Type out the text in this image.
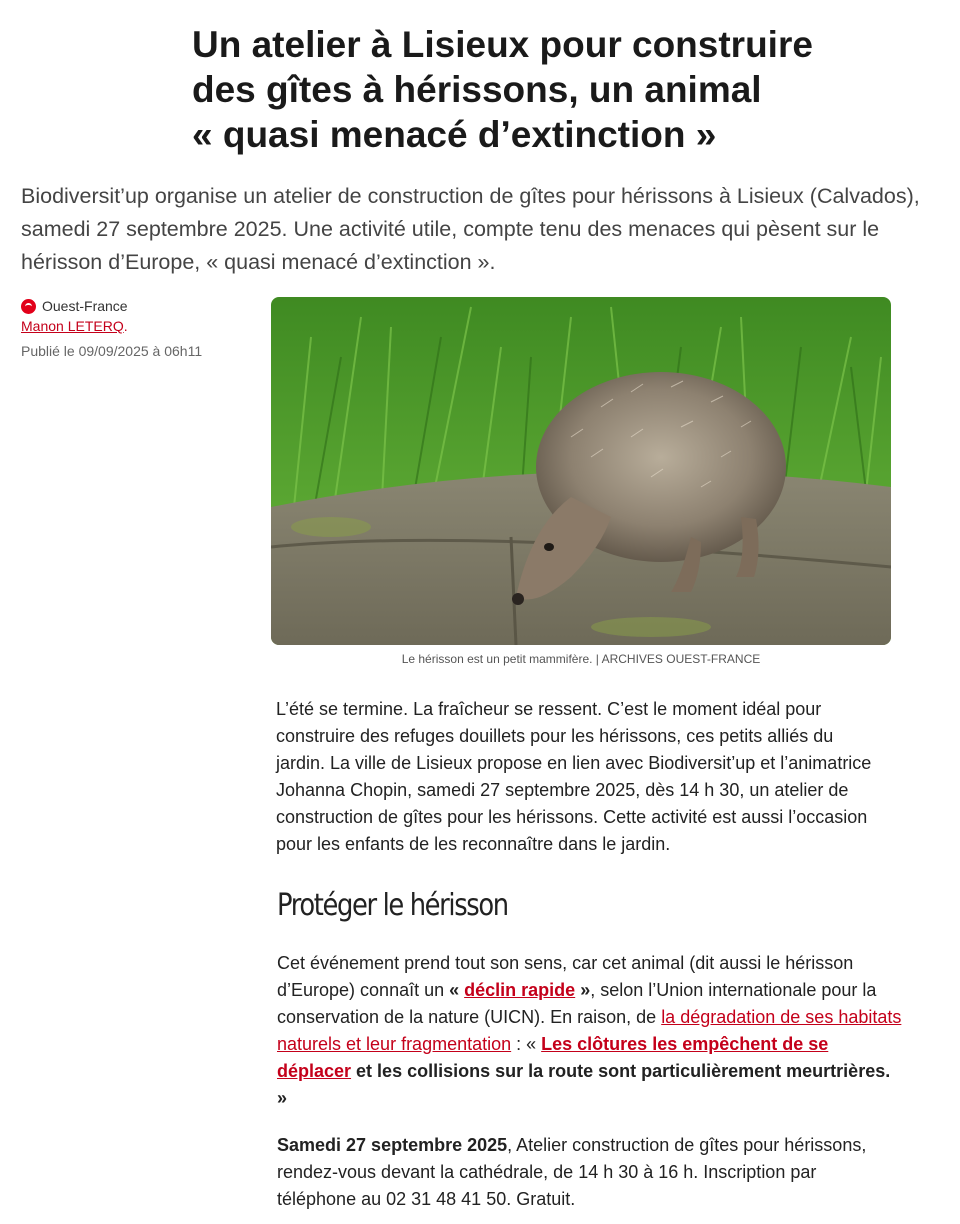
Un atelier à Lisieux pour construire
des gîtes à hérissons, un animal
« quasi menacé d’extinction »

Biodiversit’up organise un atelier de construction de gîtes pour hérissons à Lisieux (Calvados), samedi 27 septembre 2025. Une activité utile, compte tenu des menaces qui pèsent sur le hérisson d’Europe, « quasi menacé d’extinction ».

Ouest-France
Manon LETERQ.
Publié le 09/09/2025 à 06h11
Le hérisson est un petit mammifère. | ARCHIVES OUEST-FRANCE

L’été se termine. La fraîcheur se ressent. C’est le moment idéal pour construire des refuges douillets pour les hérissons, ces petits alliés du jardin. La ville de Lisieux propose en lien avec Biodiversit’up et l’animatrice Johanna Chopin, samedi 27 septembre 2025, dès 14 h 30, un atelier de construction de gîtes pour les hérissons. Cette activité est aussi l’occasion pour les enfants de les reconnaître dans le jardin.

Protéger le hérisson

Cet événement prend tout son sens, car cet animal (dit aussi le hérisson d’Europe) connaît un « déclin rapide », selon l’Union internationale pour la conservation de la nature (UICN). En raison, de la dégradation de ses habitats naturels et leur fragmentation : « Les clôtures les empêchent de se déplacer et les collisions sur la route sont particulièrement meurtrières. »

Samedi 27 septembre 2025, Atelier construction de gîtes pour hérissons, rendez-vous devant la cathédrale, de 14 h 30 à 16 h. Inscription par téléphone au 02 31 48 41 50. Gratuit.
